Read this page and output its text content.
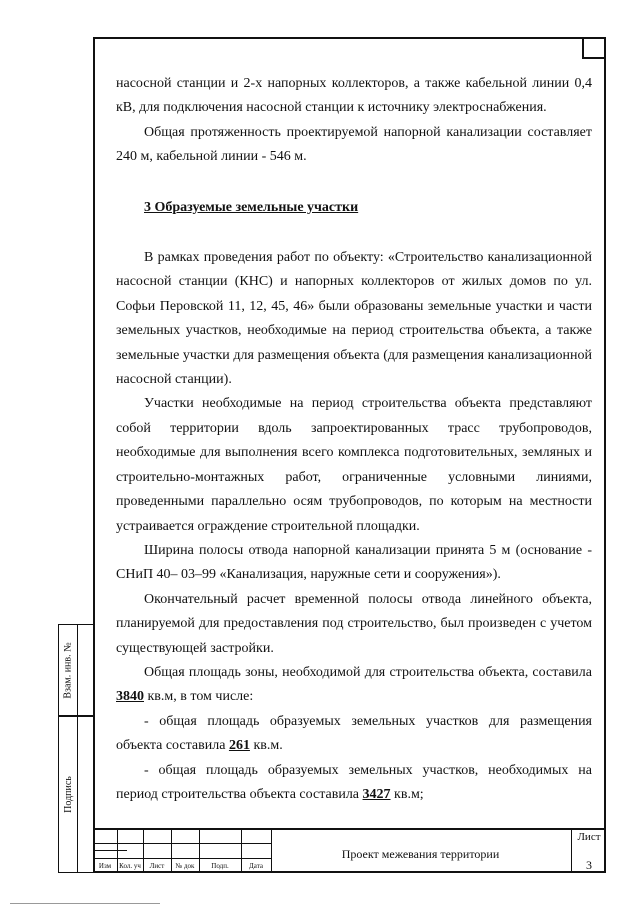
Взам. инв. №
Подпись

насосной станции и 2-х напорных коллекторов, а также кабельной линии 0,4 кВ, для подключения насосной станции к источнику электроснабжения.

Общая протяженность проектируемой напорной канализации составляет 240 м, кабельной линии - 546 м.

3 Образуемые земельные участки

В рамках проведения работ по объекту: «Строительство канализационной насосной станции (КНС) и напорных коллекторов от жилых домов по ул. Софьи Перовской 11, 12, 45, 46» были образованы земельные участки и части земельных участков, необходимые на период строительства объекта, а также земельные участки для размещения объекта (для размещения канализационной насосной станции).

Участки необходимые на период строительства объекта представляют собой территории вдоль запроектированных трасс трубопроводов, необходимые для выполнения всего комплекса подготовительных, земляных и строительно-монтажных работ, ограниченные условными линиями, проведенными параллельно осям трубопроводов, по которым на местности устраивается ограждение строительной площадки.

Ширина полосы отвода напорной канализации принята 5 м (основание - СНиП 40– 03–99 «Канализация, наружные сети и сооружения»).

Окончательный расчет временной полосы отвода линейного объекта, планируемой для предоставления под строительство, был произведен с учетом существующей застройки.

Общая площадь зоны, необходимой для строительства объекта, составила 3840 кв.м, в том числе:

- общая площадь образуемых земельных участков для размещения объекта составила 261 кв.м.

- общая площадь образуемых земельных участков, необходимых на период строительства объекта составила 3427 кв.м;

Изм	Кол. уч	Лист	№ док	Подп.	Дата
Проект межевания территории
Лист
3
